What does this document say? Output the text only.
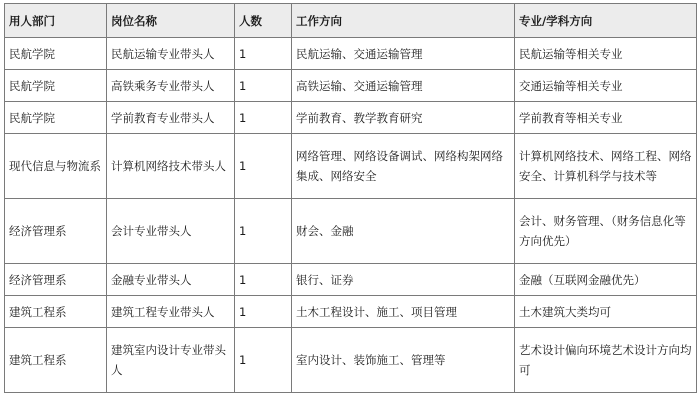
用人部门	岗位名称	人数	工作方向	专业/学科方向
民航学院	民航运输专业带头人	1	民航运输、交通运输管理	民航运输等相关专业
民航学院	高铁乘务专业带头人	1	高铁运输、交通运输管理	交通运输等相关专业
民航学院	学前教育专业带头人	1	学前教育、教学教育研究	学前教育等相关专业
现代信息与物流系	计算机网络技术带头人	1	网络管理、网络设备调试、网络构架网络集成、网络安全	计算机网络技术、网络工程、网络安全、计算机科学与技术等
经济管理系	会计专业带头人	1	财会、金融	会计、财务管理、（财务信息化等方向优先）
经济管理系	金融专业带头人	1	银行、证券	金融（互联网金融优先）
建筑工程系	建筑工程专业带头人	1	土木工程设计、施工、项目管理	土木建筑大类均可
建筑工程系	建筑室内设计专业带头人	1	室内设计、装饰施工、管理等	艺术设计偏向环境艺术设计方向均可
